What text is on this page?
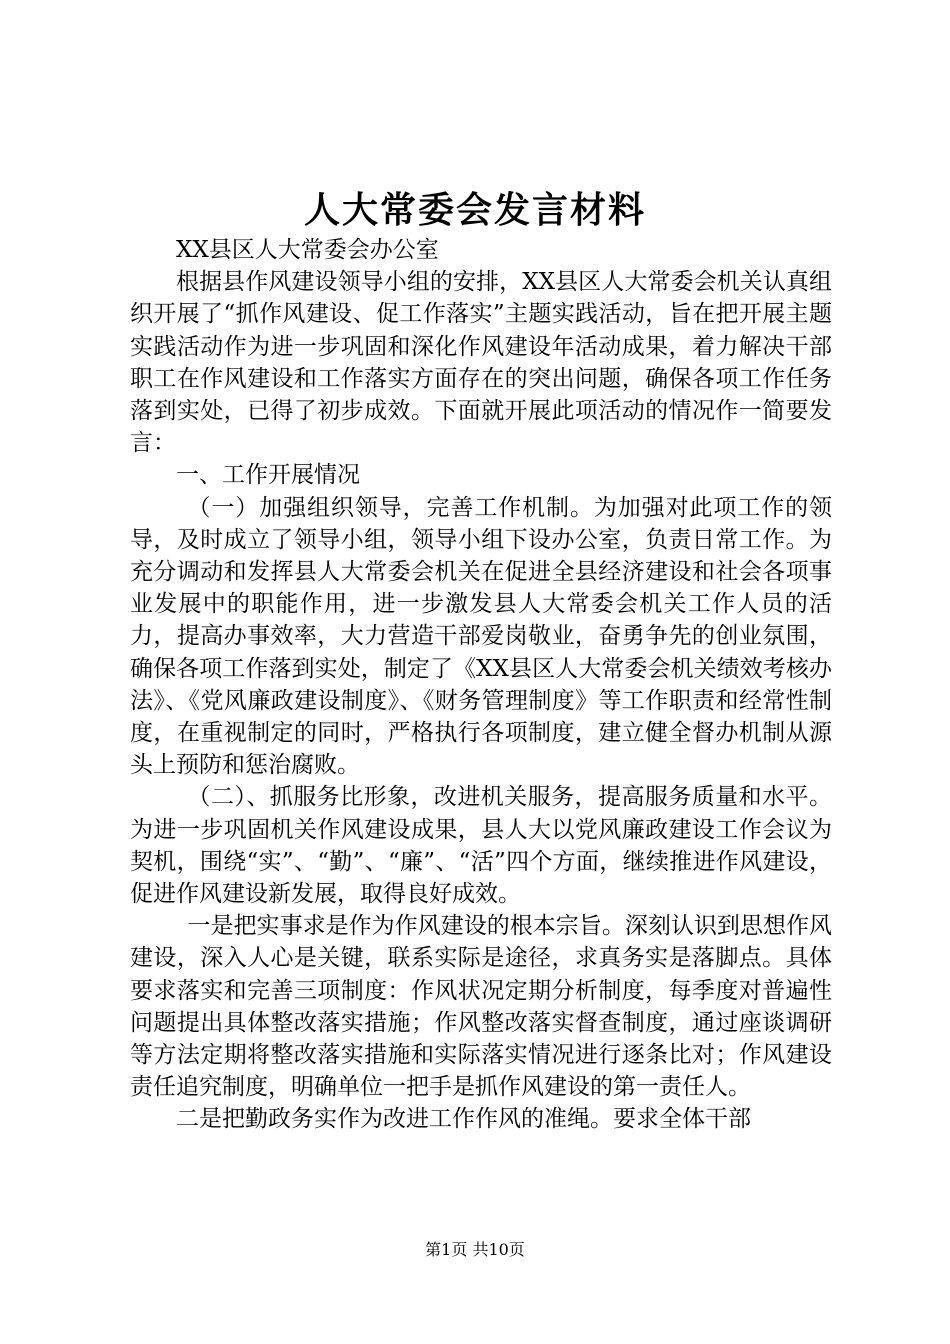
人大常委会发言材料

XX县区人大常委会办公室

根据县作风建设领导小组的安排，XX县区人大常委会机关认真组织开展了“抓作风建设、促工作落实”主题实践活动，旨在把开展主题实践活动作为进一步巩固和深化作风建设年活动成果，着力解决干部职工在作风建设和工作落实方面存在的突出问题，确保各项工作任务落到实处，已得了初步成效。下面就开展此项活动的情况作一简要发言：

一、工作开展情况

（一）加强组织领导，完善工作机制。为加强对此项工作的领导，及时成立了领导小组，领导小组下设办公室，负责日常工作。为充分调动和发挥县人大常委会机关在促进全县经济建设和社会各项事业发展中的职能作用，进一步激发县人大常委会机关工作人员的活力，提高办事效率，大力营造干部爱岗敬业，奋勇争先的创业氛围，确保各项工作落到实处，制定了《XX县区人大常委会机关绩效考核办法》、《党风廉政建设制度》、《财务管理制度》等工作职责和经常性制度，在重视制定的同时，严格执行各项制度，建立健全督办机制从源头上预防和惩治腐败。

（二）、抓服务比形象，改进机关服务，提高服务质量和水平。为进一步巩固机关作风建设成果，县人大以党风廉政建设工作会议为契机，围绕“实”、“勤”、“廉”、“活”四个方面，继续推进作风建设，促进作风建设新发展，取得良好成效。

一是把实事求是作为作风建设的根本宗旨。深刻认识到思想作风建设，深入人心是关键，联系实际是途径，求真务实是落脚点。具体要求落实和完善三项制度：作风状况定期分析制度，每季度对普遍性问题提出具体整改落实措施；作风整改落实督查制度，通过座谈调研等方法定期将整改落实措施和实际落实情况进行逐条比对；作风建设责任追究制度，明确单位一把手是抓作风建设的第一责任人。

二是把勤政务实作为改进工作作风的准绳。要求全体干部

第1页 共10页
